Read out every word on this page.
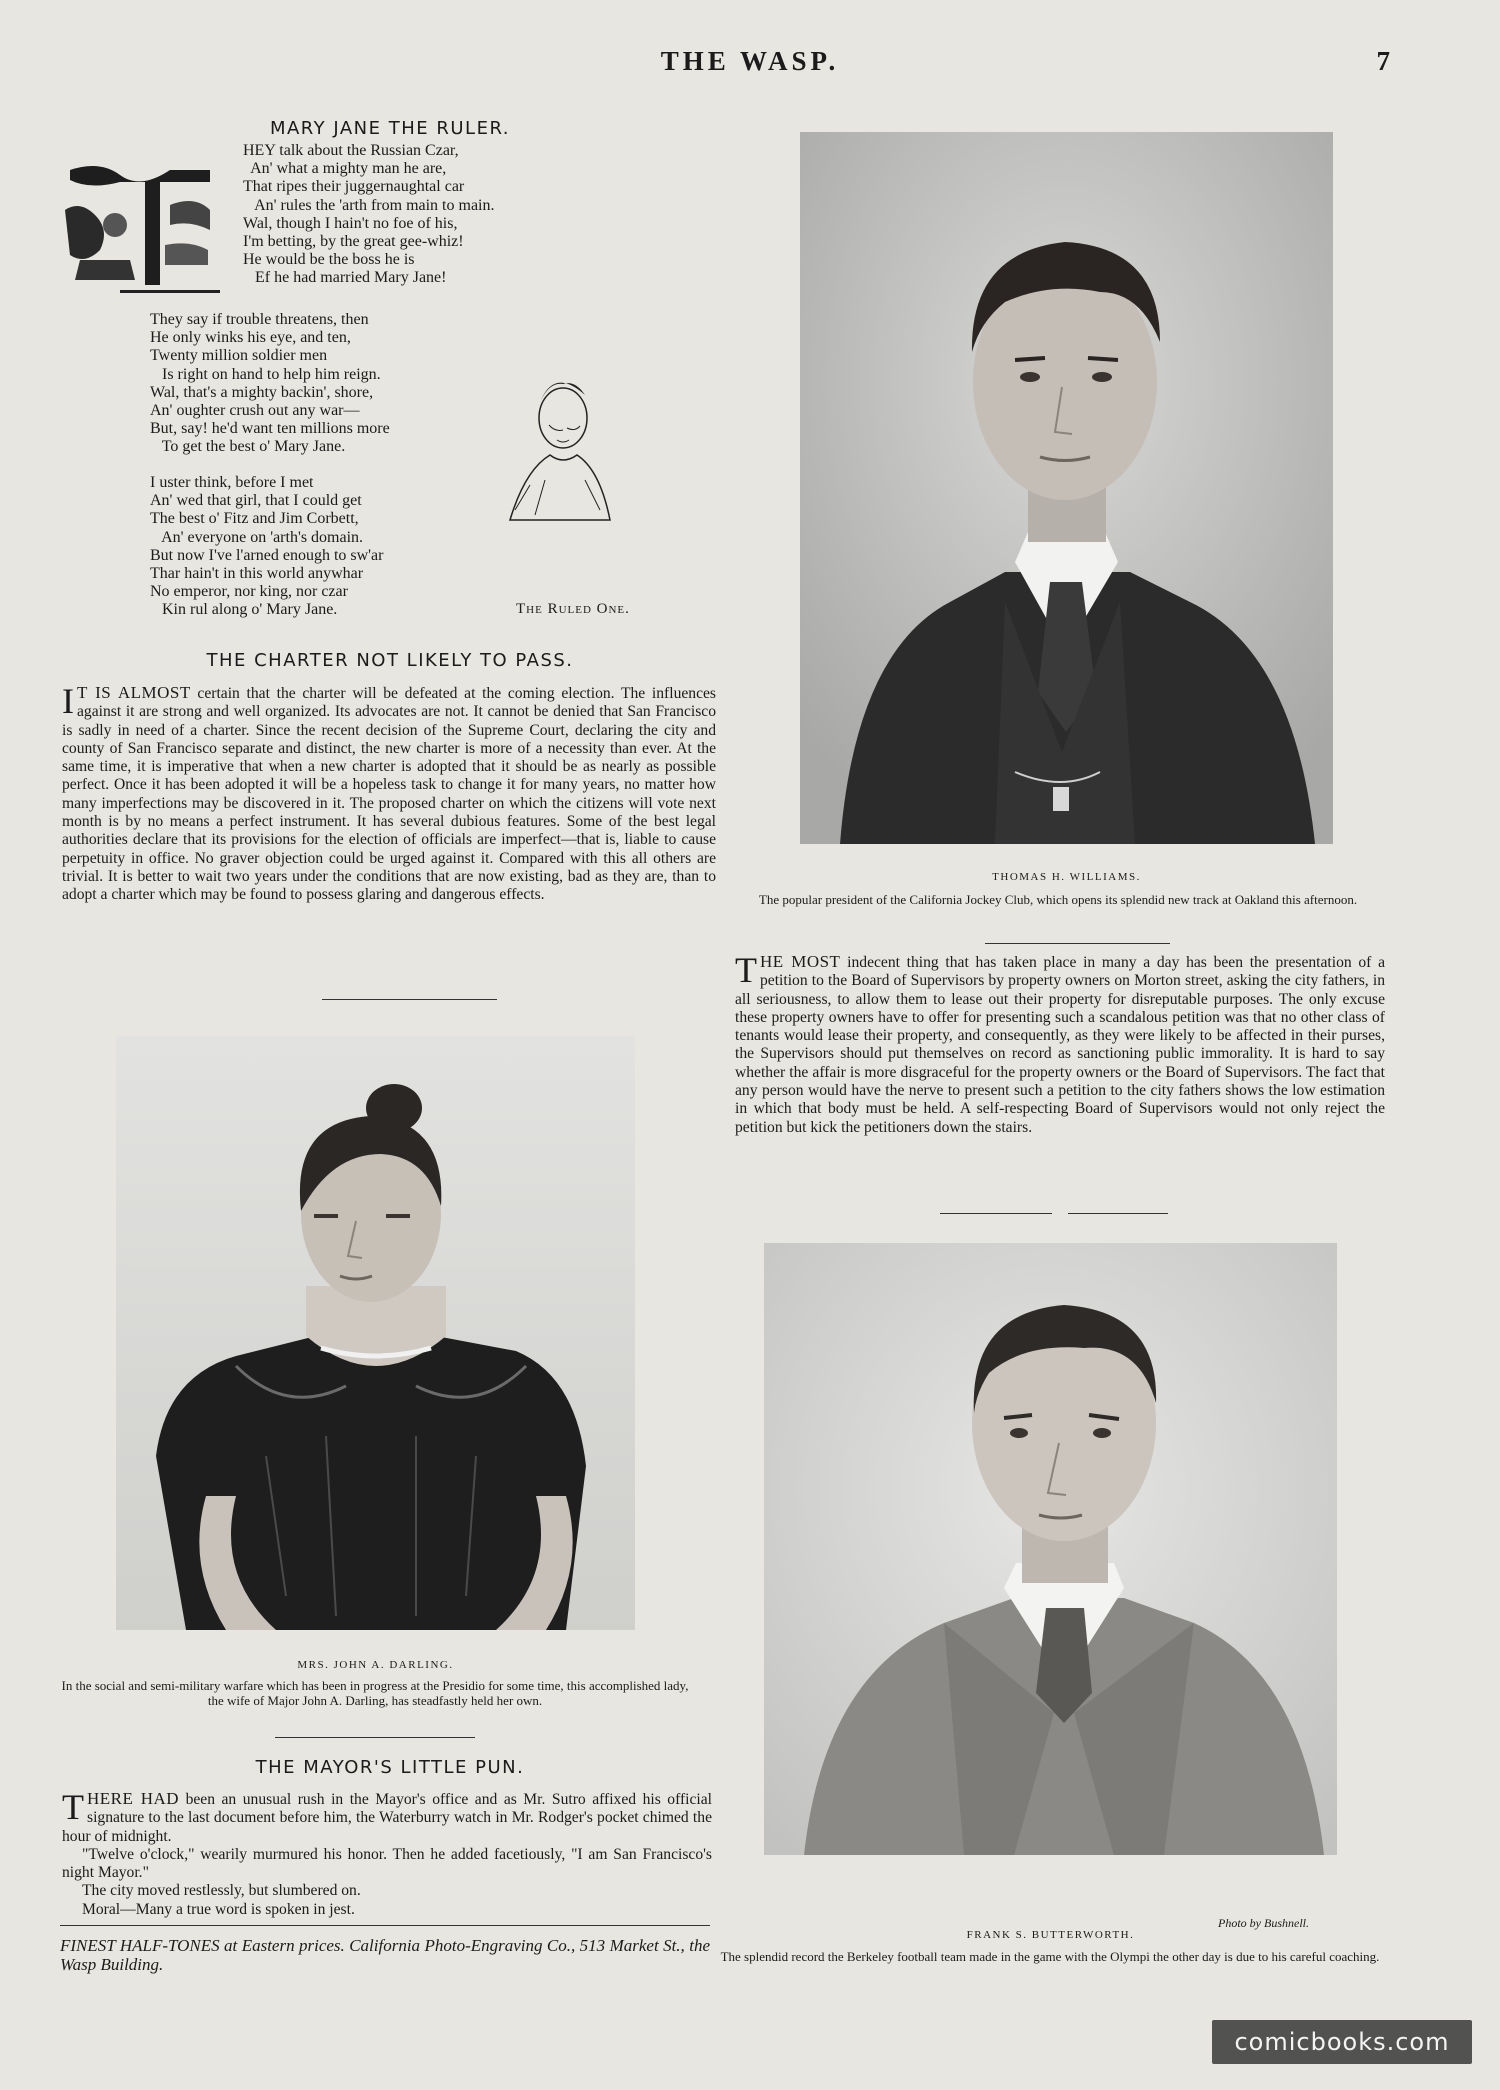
THE WASP.	7
MARY JANE THE RULER.
HEY talk about the Russian Czar,
An' what a mighty man he are,
That ripes their juggernaughtal car
An' rules the 'arth from main to main.
Wal, though I hain't no foe of his,
I'm betting, by the great gee-whiz!
He would be the boss he is
Ef he had married Mary Jane!
They say if trouble threatens, then
He only winks his eye, and ten,
Twenty million soldier men
Is right on hand to help him reign.
Wal, that's a mighty backin', shore,
An' oughter crush out any war—
But, say! he'd want ten millions more
To get the best o' Mary Jane.
I uster think, before I met
An' wed that girl, that I could get
The best o' Fitz and Jim Corbett,
An' everyone on 'arth's domain.
But now I've l'arned enough to sw'ar
Thar hain't in this world anywhar
No emperor, nor king, nor czar
Kin rul along o' Mary Jane.	The Ruled One.
THE CHARTER NOT LIKELY TO PASS.
I T IS ALMOST certain that the charter will be defeated at the coming election. The influences against it are strong and well organized. Its advocates are not. It cannot be denied that San Francisco is sadly in need of a charter. Since the recent decision of the Supreme Court, declaring the city and county of San Francisco separate and distinct, the new charter is more of a necessity than ever. At the same time, it is imperative that when a new charter is adopted that it should be as nearly as possible perfect. Once it has been adopted it will be a hopeless task to change it for many years, no matter how many imperfections may be discovered in it. The proposed charter on which the citizens will vote next month is by no means a perfect instrument. It has several dubious features. Some of the best legal authorities declare that its provisions for the election of officials are imperfect—that is, liable to cause perpetuity in office. No graver objection could be urged against it. Compared with this all others are trivial. It is better to wait two years under the conditions that are now existing, bad as they are, than to adopt a charter which may be found to possess glaring and dangerous effects.
THOMAS H. WILLIAMS.
The popular president of the California Jockey Club, which opens its splendid new track at Oakland this afternoon.
THE MOST indecent thing that has taken place in many a day has been the presentation of a petition to the Board of Supervisors by property owners on Morton street, asking the city fathers, in all seriousness, to allow them to lease out their property for disreputable purposes. The only excuse these property owners have to offer for presenting such a scandalous petition was that no other class of tenants would lease their property, and consequently, as they were likely to be affected in their purses, the Supervisors should put themselves on record as sanctioning public immorality. It is hard to say whether the affair is more disgraceful for the property owners or the Board of Supervisors. The fact that any person would have the nerve to present such a petition to the city fathers shows the low estimation in which that body must be held. A self-respecting Board of Supervisors would not only reject the petition but kick the petitioners down the stairs.
MRS. JOHN A. DARLING.
In the social and semi-military warfare which has been in progress at the Presidio for some time, this accomplished lady, the wife of Major John A. Darling, has steadfastly held her own.
THE MAYOR'S LITTLE PUN.
THERE HAD been an unusual rush in the Mayor's office and as Mr. Sutro affixed his official signature to the last document before him, the Waterburry watch in Mr. Rodger's pocket chimed the hour of midnight.
"Twelve o'clock," wearily murmured his honor. Then he added facetiously, "I am San Francisco's night Mayor."
The city moved restlessly, but slumbered on.
Moral—Many a true word is spoken in jest.
FINEST HALF-TONES at Eastern prices. California Photo-Engraving Co., 513 Market St., the Wasp Building.
Photo by Bushnell.
FRANK S. BUTTERWORTH.
The splendid record the Berkeley football team made in the game with the Olympi the other day is due to his careful coaching.
comicbooks.com
